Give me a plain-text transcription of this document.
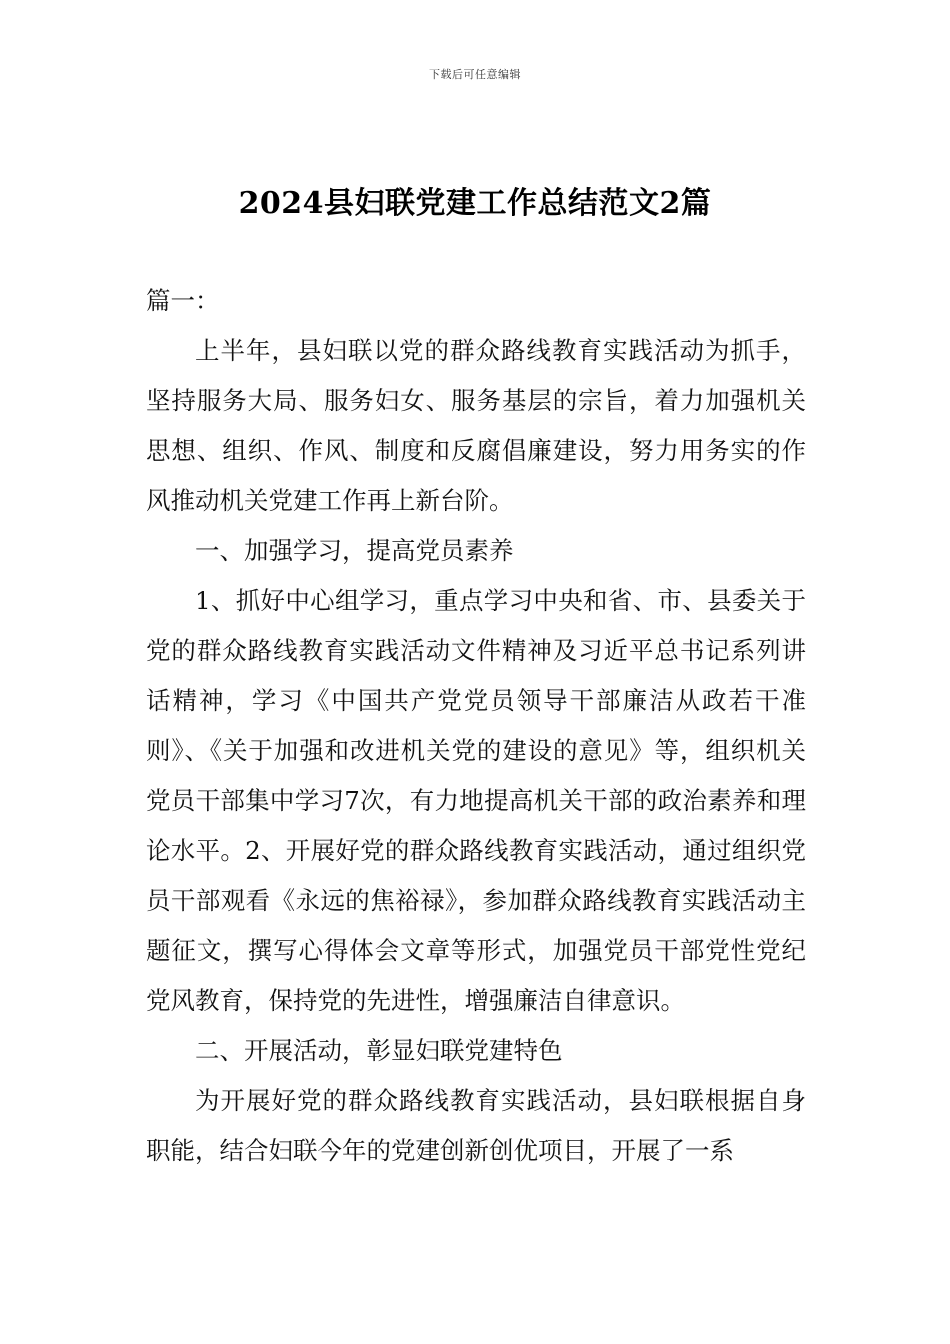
下载后可任意编辑
2024县妇联党建工作总结范文2篇

篇一：

上半年，县妇联以党的群众路线教育实践活动为抓手，坚持服务大局、服务妇女、服务基层的宗旨，着力加强机关思想、组织、作风、制度和反腐倡廉建设，努力用务实的作风推动机关党建工作再上新台阶。

一、加强学习，提高党员素养

1、抓好中心组学习，重点学习中央和省、市、县委关于党的群众路线教育实践活动文件精神及习近平总书记系列讲话精神，学习《中国共产党党员领导干部廉洁从政若干准则》、《关于加强和改进机关党的建设的意见》等，组织机关党员干部集中学习7次，有力地提高机关干部的政治素养和理论水平。2、开展好党的群众路线教育实践活动，通过组织党员干部观看《永远的焦裕禄》，参加群众路线教育实践活动主题征文，撰写心得体会文章等形式，加强党员干部党性党纪党风教育，保持党的先进性，增强廉洁自律意识。

二、开展活动，彰显妇联党建特色

为开展好党的群众路线教育实践活动，县妇联根据自身职能，结合妇联今年的党建创新创优项目，开展了一系
